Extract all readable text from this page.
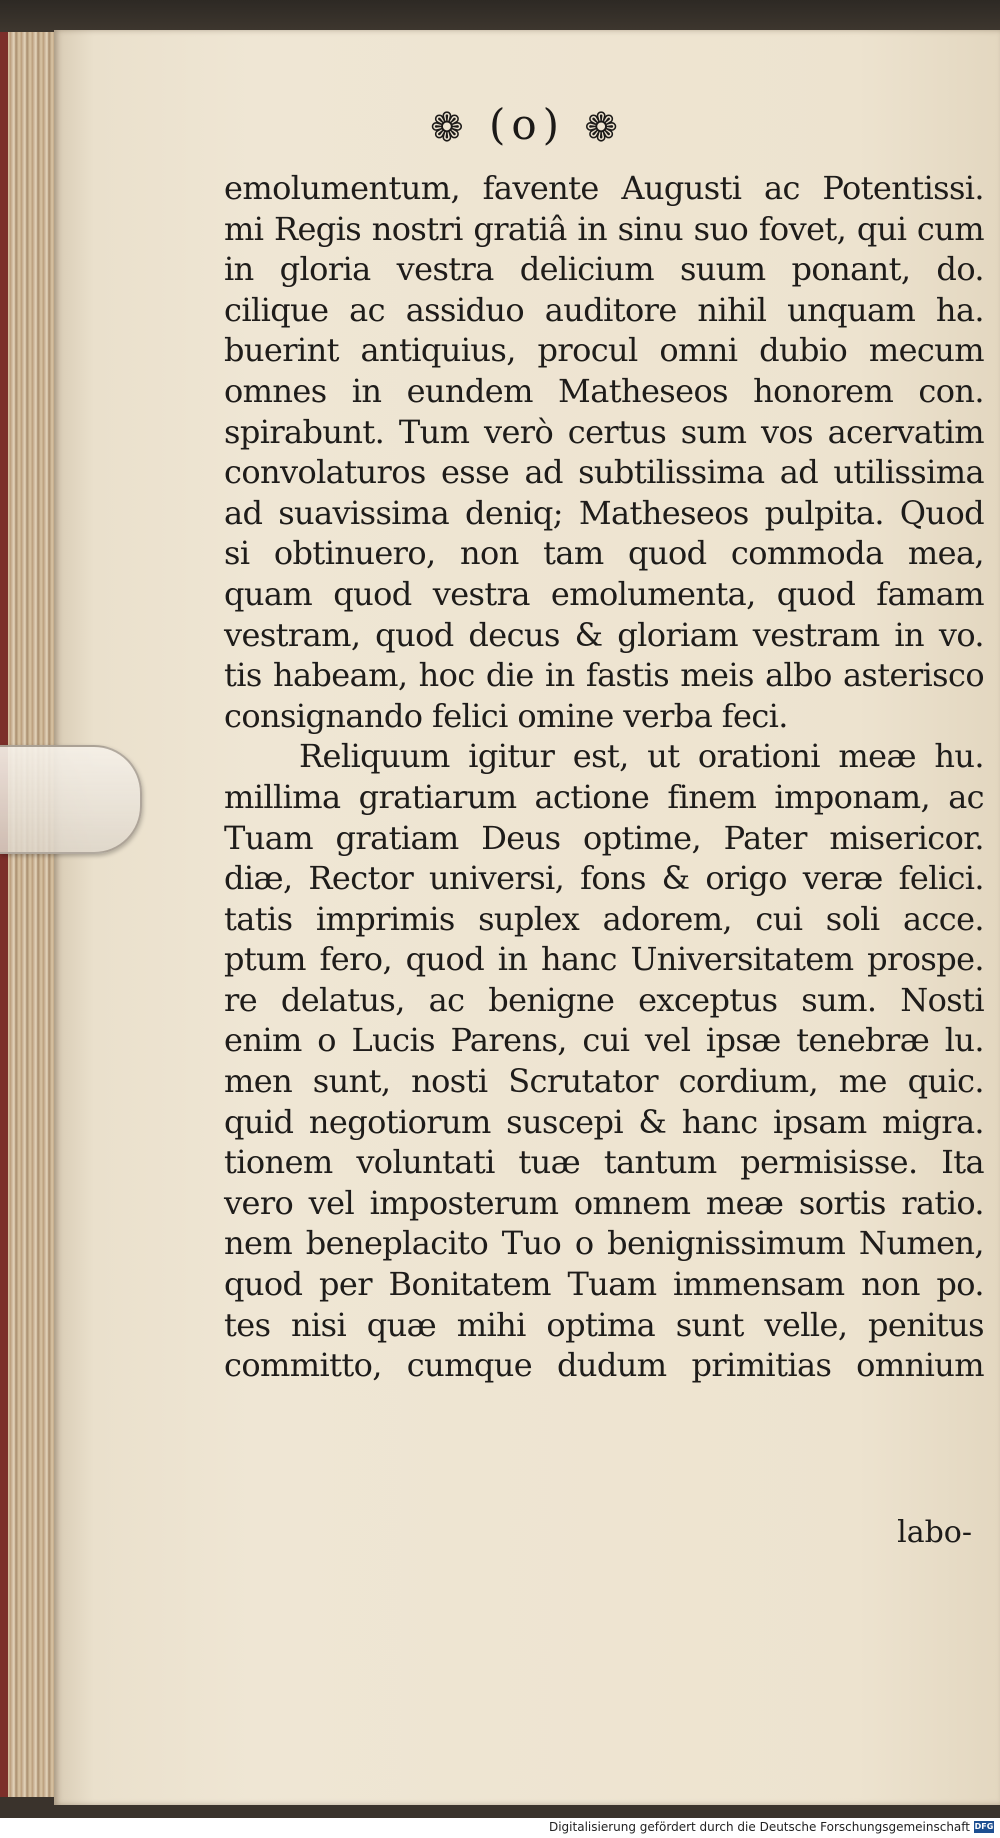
❁ (o) ❁
emolumentum, favente Augusti ac Potentissi.
mi Regis nostri gratiâ in sinu suo fovet, qui cum
in gloria vestra delicium suum ponant, do.
cilique ac assiduo auditore nihil unquam ha.
buerint antiquius, procul omni dubio mecum
omnes in eundem Matheseos honorem con.
spirabunt. Tum verò certus sum vos acervatim
convolaturos esse ad subtilissima ad utilissima
ad suavissima deniq; Matheseos pulpita. Quod
si obtinuero, non tam quod commoda mea,
quam quod vestra emolumenta, quod famam
vestram, quod decus & gloriam vestram in vo.
tis habeam, hoc die in fastis meis albo asterisco
consignando felici omine verba feci.
Reliquum igitur est, ut orationi meæ hu.
millima gratiarum actione finem imponam, ac
Tuam gratiam Deus optime, Pater misericor.
diæ, Rector universi, fons & origo veræ felici.
tatis imprimis suplex adorem, cui soli acce.
ptum fero, quod in hanc Universitatem prospe.
re delatus, ac benigne exceptus sum. Nosti
enim o Lucis Parens, cui vel ipsæ tenebræ lu.
men sunt, nosti Scrutator cordium, me quic.
quid negotiorum suscepi & hanc ipsam migra.
tionem voluntati tuæ tantum permisisse. Ita
vero vel imposterum omnem meæ sortis ratio.
nem beneplacito Tuo o benignissimum Numen,
quod per Bonitatem Tuam immensam non po.
tes nisi quæ mihi optima sunt velle, penitus
committo, cumque dudum primitias omnium
labo-
Digitalisierung gefördert durch die Deutsche Forschungsgemeinschaft DFG
